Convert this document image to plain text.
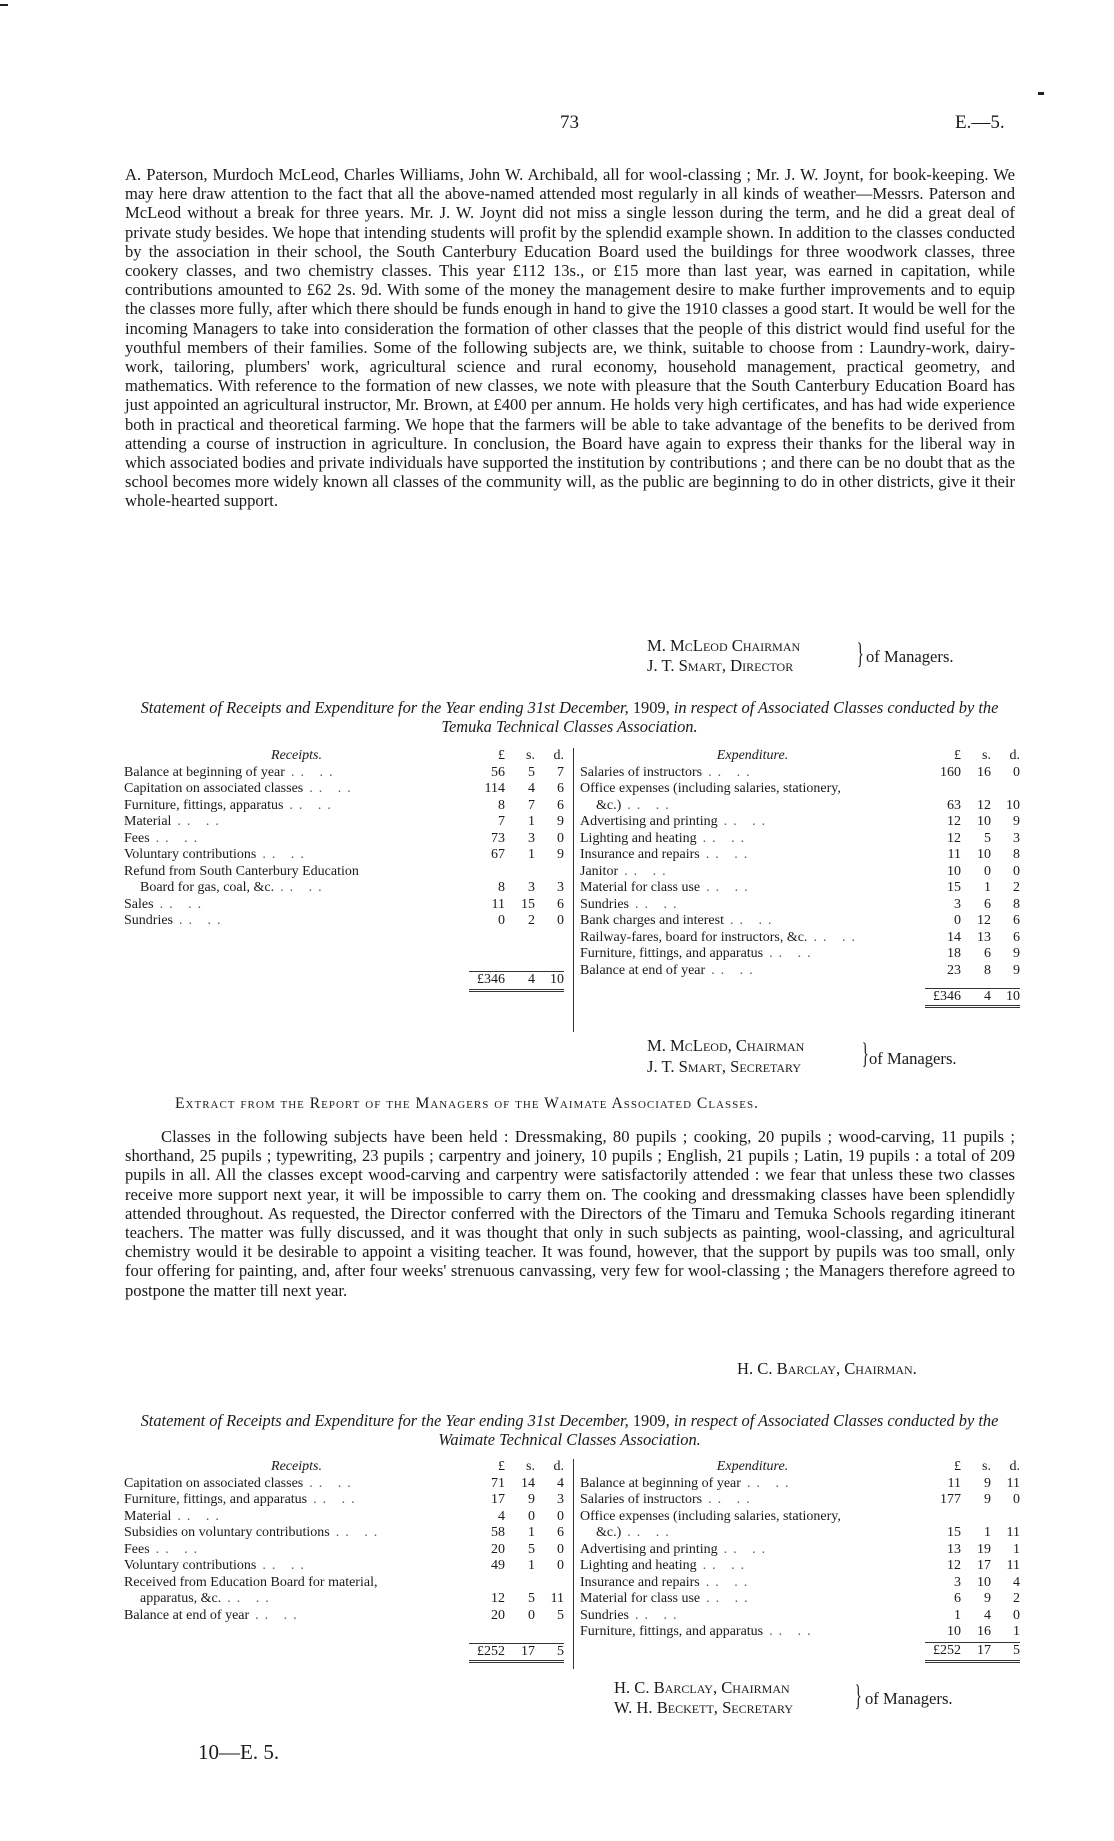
73	E.—5.

A. Paterson, Murdoch McLeod, Charles Williams, John W. Archibald, all for wool-classing ; Mr. J. W. Joynt, for book-keeping. We may here draw attention to the fact that all the above-named attended most regularly in all kinds of weather—Messrs. Paterson and McLeod without a break for three years. Mr. J. W. Joynt did not miss a single lesson during the term, and he did a great deal of private study besides. We hope that intending students will profit by the splendid example shown. In addition to the classes conducted by the association in their school, the South Canterbury Education Board used the buildings for three woodwork classes, three cookery classes, and two chemistry classes. This year £112 13s., or £15 more than last year, was earned in capitation, while contributions amounted to £62 2s. 9d. With some of the money the management desire to make further improvements and to equip the classes more fully, after which there should be funds enough in hand to give the 1910 classes a good start. It would be well for the incoming Managers to take into consideration the formation of other classes that the people of this district would find useful for the youthful members of their families. Some of the following subjects are, we think, suitable to choose from : Laundry-work, dairy-work, tailoring, plumbers' work, agricultural science and rural economy, household management, practical geometry, and mathematics. With reference to the formation of new classes, we note with pleasure that the South Canterbury Education Board has just appointed an agricultural instructor, Mr. Brown, at £400 per annum. He holds very high certificates, and has had wide experience both in practical and theoretical farming. We hope that the farmers will be able to take advantage of the benefits to be derived from attending a course of instruction in agriculture. In conclusion, the Board have again to express their thanks for the liberal way in which associated bodies and private individuals have supported the institution by contributions ; and there can be no doubt that as the school becomes more widely known all classes of the community will, as the public are beginning to do in other districts, give it their whole-hearted support.

M. McLeod Chairman
J. T. Smart, Director } of Managers.
Statement of Receipts and Expenditure for the Year ending 31st December, 1909, in respect of Associated Classes conducted by the Temuka Technical Classes Association.
Receipts.	£	s.	d.
Balance at beginning of year .. ..	56	5	7
Capitation on associated classes .. ..	114	4	6
Furniture, fittings, apparatus .. ..	8	7	6
Material .. ..	7	1	9
Fees .. ..	73	3	0
Voluntary contributions .. ..	67	1	9
Refund from South Canterbury Education			
Board for gas, coal, &c. .. ..	8	3	3
Sales .. ..	11	15	6
Sundries .. ..	0	2	0

	£346	4	10
Expenditure.	£	s.	d.
Salaries of instructors .. ..	160	16	0
Office expenses (including salaries, stationery,			
&c.) .. ..	63	12	10
Advertising and printing .. ..	12	10	9
Lighting and heating .. ..	12	5	3
Insurance and repairs .. ..	11	10	8
Janitor .. ..	10	0	0
Material for class use .. ..	15	1	2
Sundries .. ..	3	6	8
Bank charges and interest .. ..	0	12	6
Railway-fares, board for instructors, &c. .. ..	14	13	6
Furniture, fittings, and apparatus .. ..	18	6	9
Balance at end of year .. ..	23	8	9

	£346	4	10
M. McLeod, Chairman
J. T. Smart, Secretary } of Managers.
Extract from the Report of the Managers of the Waimate Associated Classes.

Classes in the following subjects have been held : Dressmaking, 80 pupils ; cooking, 20 pupils ; wood-carving, 11 pupils ; shorthand, 25 pupils ; typewriting, 23 pupils ; carpentry and joinery, 10 pupils ; English, 21 pupils ; Latin, 19 pupils : a total of 209 pupils in all. All the classes except wood-carving and carpentry were satisfactorily attended : we fear that unless these two classes receive more support next year, it will be impossible to carry them on. The cooking and dressmaking classes have been splendidly attended throughout. As requested, the Director conferred with the Directors of the Timaru and Temuka Schools regarding itinerant teachers. The matter was fully discussed, and it was thought that only in such subjects as painting, wool-classing, and agricultural chemistry would it be desirable to appoint a visiting teacher. It was found, however, that the support by pupils was too small, only four offering for painting, and, after four weeks' strenuous canvassing, very few for wool-classing ; the Managers therefore agreed to postpone the matter till next year.

H. C. Barclay, Chairman.
Statement of Receipts and Expenditure for the Year ending 31st December, 1909, in respect of Associated Classes conducted by the Waimate Technical Classes Association.
Receipts.	£	s.	d.
Capitation on associated classes .. ..	71	14	4
Furniture, fittings, and apparatus .. ..	17	9	3
Material .. ..	4	0	0
Subsidies on voluntary contributions .. ..	58	1	6
Fees .. ..	20	5	0
Voluntary contributions .. ..	49	1	0
Received from Education Board for material,			
apparatus, &c. .. ..	12	5	11
Balance at end of year .. ..	20	0	5

	£252	17	5
Expenditure.	£	s.	d.
Balance at beginning of year .. ..	11	9	11
Salaries of instructors .. ..	177	9	0
Office expenses (including salaries, stationery,			
&c.) .. ..	15	1	11
Advertising and printing .. ..	13	19	1
Lighting and heating .. ..	12	17	11
Insurance and repairs .. ..	3	10	4
Material for class use .. ..	6	9	2
Sundries .. ..	1	4	0
Furniture, fittings, and apparatus .. ..	10	16	1

	£252	17	5
H. C. Barclay, Chairman
W. H. Beckett, Secretary } of Managers.
10—E. 5.
